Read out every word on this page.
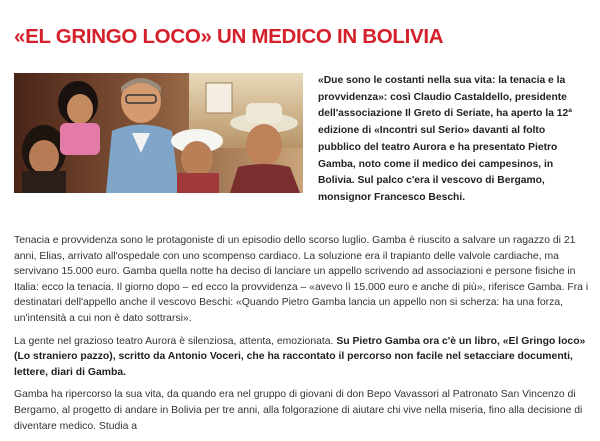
«EL GRINGO LOCO» UN MEDICO IN BOLIVIA

«Due sono le costanti nella sua vita: la tenacia e la provvidenza»: così Claudio Castaldello, presidente dell'associazione Il Greto di Seriate, ha aperto la 12ª edizione di «Incontri sul Serio» davanti al folto pubblico del teatro Aurora e ha presentato Pietro Gamba, noto come il medico dei campesinos, in Bolivia. Sul palco c'era il vescovo di Bergamo, monsignor Francesco Beschi.

Tenacia e provvidenza sono le protagoniste di un episodio dello scorso luglio. Gamba è riuscito a salvare un ragazzo di 21 anni, Elias, arrivato all'ospedale con uno scompenso cardiaco. La soluzione era il trapianto delle valvole cardiache, ma servivano 15.000 euro. Gamba quella notte ha deciso di lanciare un appello scrivendo ad associazioni e persone fisiche in Italia: ecco la tenacia. Il giorno dopo – ed ecco la provvidenza – «avevo lì 15.000 euro e anche di più», riferisce Gamba. Fra i destinatari dell'appello anche il vescovo Beschi: «Quando Pietro Gamba lancia un appello non si scherza: ha una forza, un'intensità a cui non è dato sottrarsi».

La gente nel grazioso teatro Aurora è silenziosa, attenta, emozionata. Su Pietro Gamba ora c'è un libro, «El Gringo loco» (Lo straniero pazzo), scritto da Antonio Voceri, che ha raccontato il percorso non facile nel setacciare documenti, lettere, diari di Gamba.

Gamba ha ripercorso la sua vita, da quando era nel gruppo di giovani di don Bepo Vavassori al Patronato San Vincenzo di Bergamo, al progetto di andare in Bolivia per tre anni, alla folgorazione di aiutare chi vive nella miseria, fino alla decisione di diventare medico. Studia a
